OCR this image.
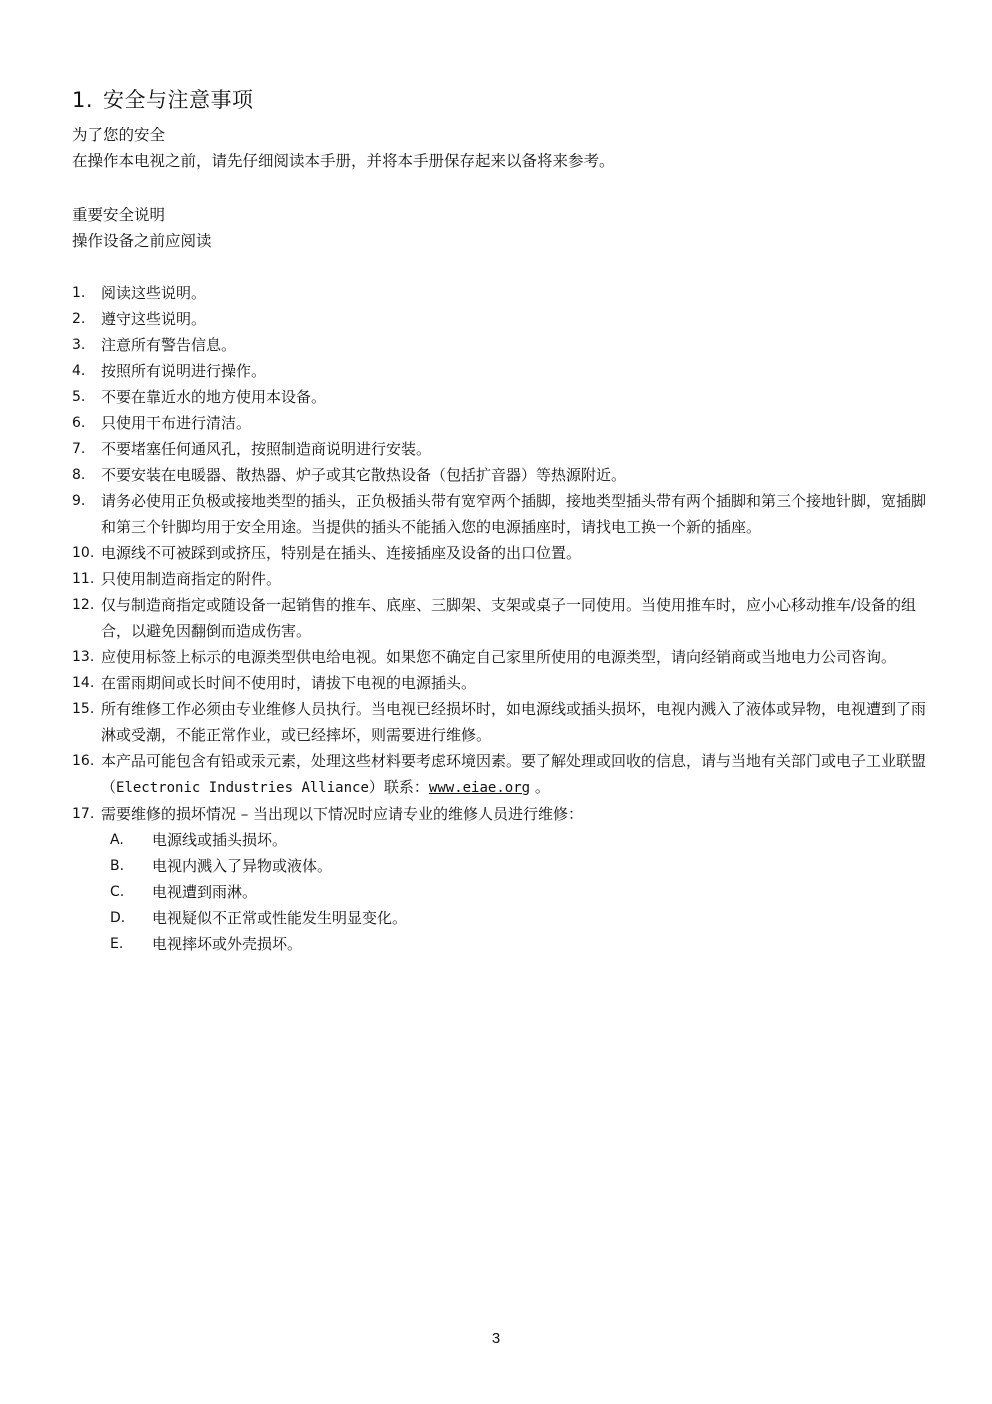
1. 安全与注意事项
为了您的安全
在操作本电视之前，请先仔细阅读本手册，并将本手册保存起来以备将来参考。
重要安全说明
操作设备之前应阅读
1.	阅读这些说明。
2.	遵守这些说明。
3.	注意所有警告信息。
4.	按照所有说明进行操作。
5.	不要在靠近水的地方使用本设备。
6.	只使用干布进行清洁。
7.	不要堵塞任何通风孔，按照制造商说明进行安装。
8.	不要安装在电暖器、散热器、炉子或其它散热设备（包括扩音器）等热源附近。
9.	请务必使用正负极或接地类型的插头，正负极插头带有宽窄两个插脚，接地类型插头带有两个插脚和第三个接地针脚，宽插脚和第三个针脚均用于安全用途。当提供的插头不能插入您的电源插座时，请找电工换一个新的插座。
10. 电源线不可被踩到或挤压，特别是在插头、连接插座及设备的出口位置。
11. 只使用制造商指定的附件。
12. 仅与制造商指定或随设备一起销售的推车、底座、三脚架、支架或桌子一同使用。当使用推车时，应小心移动推车/设备的组合，以避免因翻倒而造成伤害。
13. 应使用标签上标示的电源类型供电给电视。如果您不确定自己家里所使用的电源类型，请向经销商或当地电力公司咨询。
14. 在雷雨期间或长时间不使用时，请拔下电视的电源插头。
15. 所有维修工作必须由专业维修人员执行。当电视已经损坏时，如电源线或插头损坏，电视内溅入了液体或异物，电视遭到了雨淋或受潮，不能正常作业，或已经摔坏，则需要进行维修。
16. 本产品可能包含有铅或汞元素，处理这些材料要考虑环境因素。要了解处理或回收的信息，请与当地有关部门或电子工业联盟（Electronic Industries Alliance）联系：www.eiae.org 。
17. 需要维修的损坏情况 – 当出现以下情况时应请专业的维修人员进行维修：
A.	电源线或插头损坏。
B.	电视内溅入了异物或液体。
C.	电视遭到雨淋。
D.	电视疑似不正常或性能发生明显变化。
E.	电视摔坏或外壳损坏。
3
